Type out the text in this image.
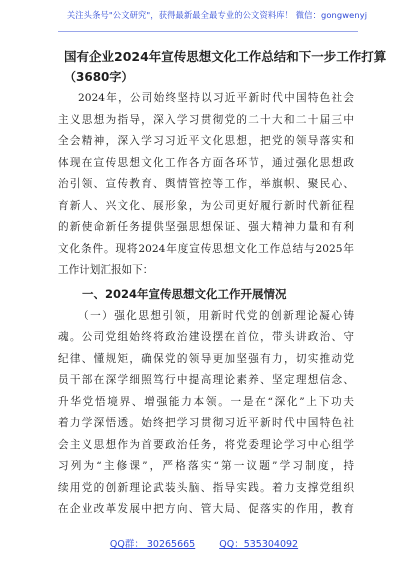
关注头条号"公文研究"，获得最新最全最专业的公文资料库！ 微信：gongwenyj
国有企业2024年宣传思想文化工作总结和下一步工作打算
（3680字）
2024年，公司始终坚持以习近平新时代中国特色社会
主义思想为指导，深入学习贯彻党的二十大和二十届三中
全会精神，深入学习习近平文化思想，把党的领导落实和
体现在宣传思想文化工作各方面各环节，通过强化思想政
治引领、宣传教育、舆情管控等工作，举旗帜、聚民心、
育新人、兴文化、展形象，为公司更好履行新时代新征程
的新使命新任务提供坚强思想保证、强大精神力量和有利
文化条件。现将2024年度宣传思想文化工作总结与2025年
工作计划汇报如下：
一、2024年宣传思想文化工作开展情况
（一）强化思想引领，用新时代党的创新理论凝心铸
魂。公司党组始终将政治建设摆在首位，带头讲政治、守
纪律、懂规矩，确保党的领导更加坚强有力，切实推动党
员干部在深学细照笃行中提高理论素养、坚定理想信念、
升华党悟境界、增强能力本领。一是在“深化”上下功夫
着力学深悟透。始终把学习贯彻习近平新时代中国特色社
会主义思想作为首要政治任务，将党委理论学习中心组学
习列为“主修课”，严格落实“第一议题”学习制度，持
续用党的创新理论武装头脑、指导实践。着力支撑党组织
在企业改革发展中把方向、管大局、促落实的作用，教育
QQ群： 30265665	QQ：535304092
